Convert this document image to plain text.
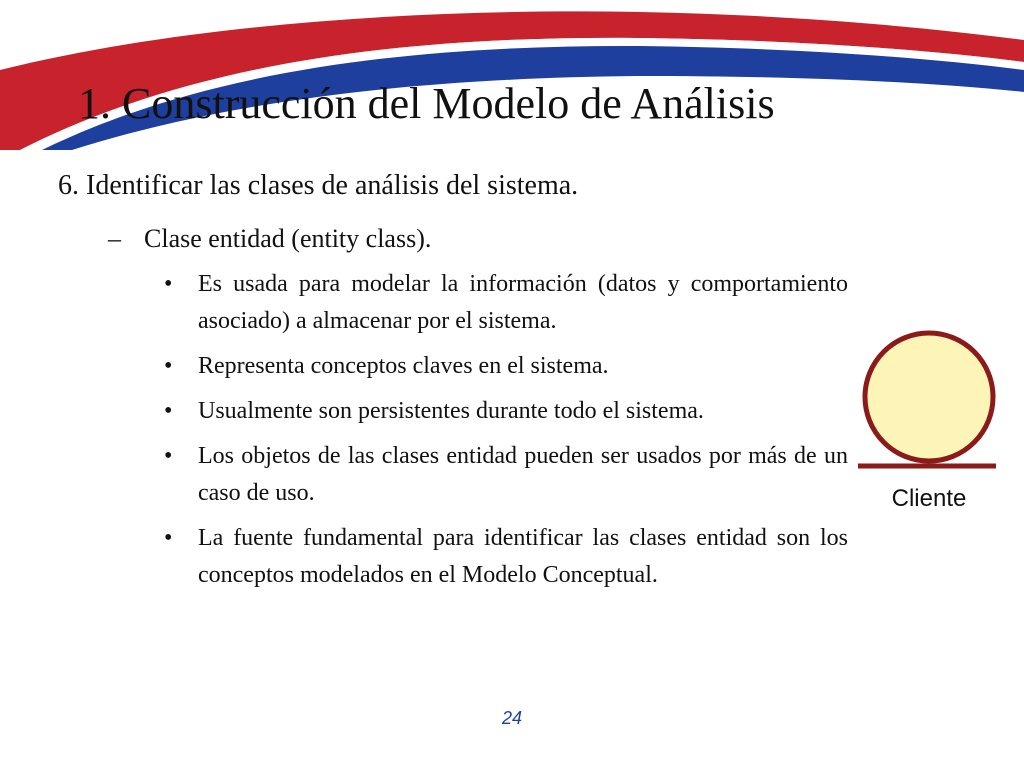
1. Construcción del Modelo de Análisis
6. Identificar las clases de análisis del sistema.
– Clase entidad (entity class).
• Es usada para modelar la información (datos y comportamiento asociado) a almacenar por el sistema.
• Representa conceptos claves en el sistema.
• Usualmente son persistentes durante todo el sistema.
• Los objetos de las clases entidad pueden ser usados por más de un caso de uso.
• La fuente fundamental para identificar las clases entidad son los conceptos modelados en el Modelo Conceptual.
Cliente
24
